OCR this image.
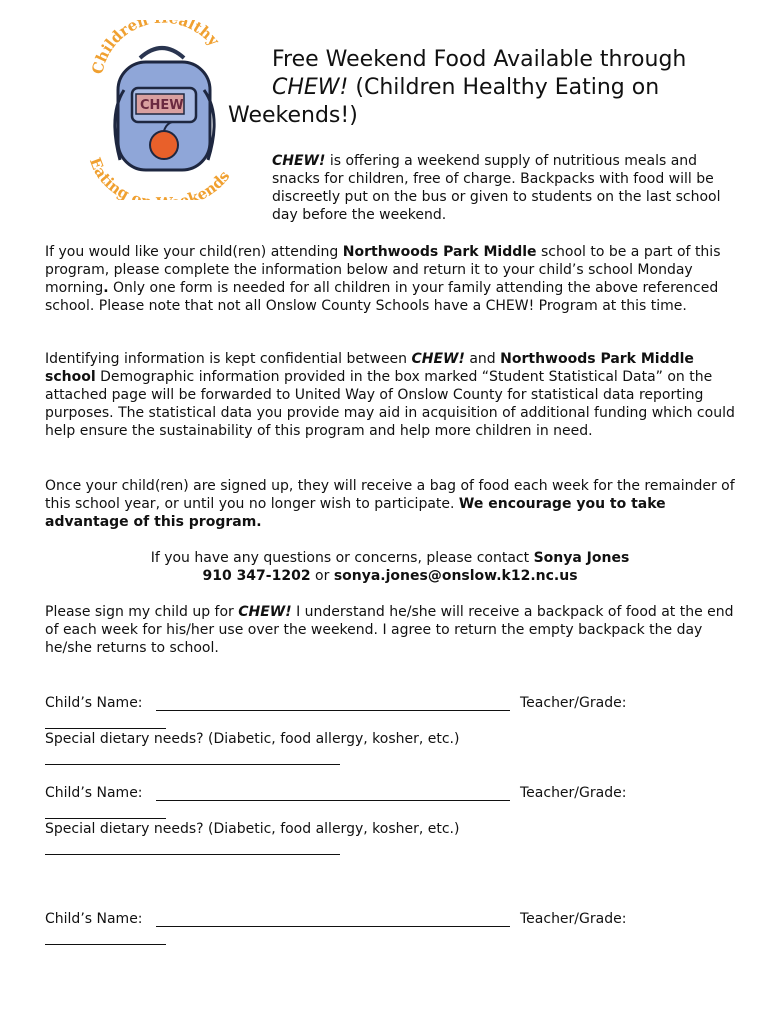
Children althy
Eating o kends
CHEW
Free Weekend Food Available through
CHEW! (Children Healthy Eating on
Weekends!)
CHEW! is offering a weekend supply of nutritious meals and snacks for children, free of charge. Backpacks with food will be discreetly put on the bus or given to students on the last school day before the weekend.
If you would like your child(ren) attending Northwoods Park Middle school to be a part of this program, please complete the information below and return it to your child’s school Monday morning. Only one form is needed for all children in your family attending the above referenced school. Please note that not all Onslow County Schools have a CHEW! Program at this time.
Identifying information is kept confidential between CHEW! and Northwoods Park Middle school Demographic information provided in the box marked “Student Statistical Data” on the attached page will be forwarded to United Way of Onslow County for statistical data reporting purposes. The statistical data you provide may aid in acquisition of additional funding which could help ensure the sustainability of this program and help more children in need.
Once your child(ren) are signed up, they will receive a bag of food each week for the remainder of this school year, or until you no longer wish to participate. We encourage you to take advantage of this program.
If you have any questions or concerns, please contact Sonya Jones
910 347-1202 or sonya.jones@onslow.k12.nc.us
Please sign my child up for CHEW! I understand he/she will receive a backpack of food at the end of each week for his/her use over the weekend. I agree to return the empty backpack the day he/she returns to school.
Child’s Name:	Teacher/Grade:
Special dietary needs? (Diabetic, food allergy, kosher, etc.)
Child’s Name:	Teacher/Grade:
Special dietary needs? (Diabetic, food allergy, kosher, etc.)
Child’s Name:	Teacher/Grade:
